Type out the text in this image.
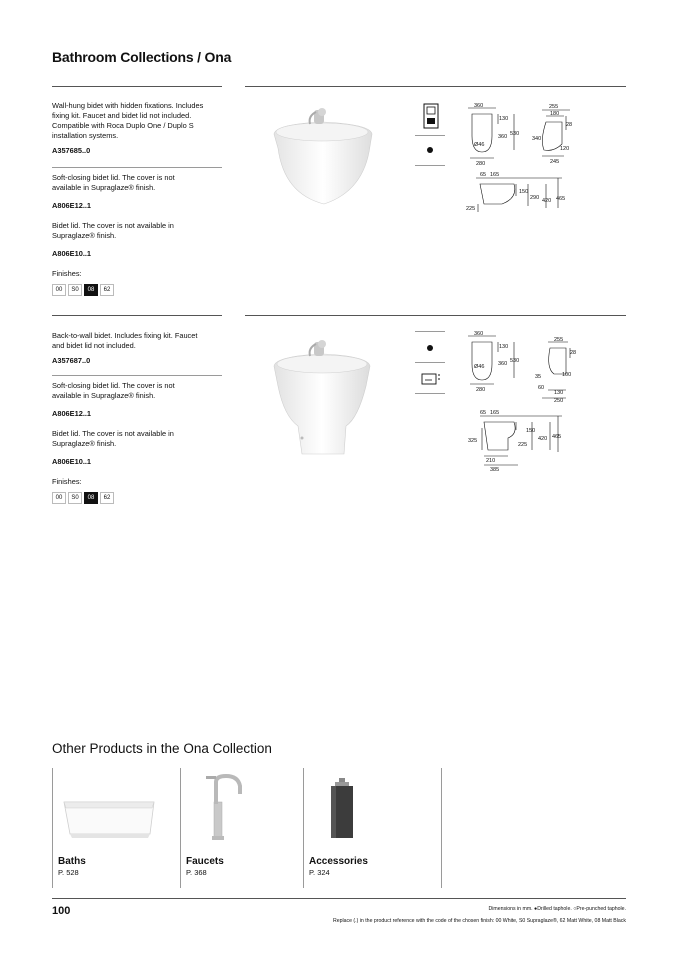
Bathroom Collections / Ona
Wall-hung bidet with hidden fixations. Includes
fixing kit. Faucet and bidet lid not included.
Compatible with Roca Duplo One / Duplo S
installation systems.
A357685..0
Soft-closing bidet lid. The cover is not
available in Supraglaze® finish.
A806E12..1
Bidet lid. The cover is not available in
Supraglaze® finish.
A806E10..1
Finishes:
00	S0	08	62
360
130
530
Ø46
360
280
255
180
28
340
120
245
65 165
150
290 420 465
225
Back-to-wall bidet. Includes fixing kit. Faucet
and bidet lid not included.
A357687..0
Soft-closing bidet lid. The cover is not
available in Supraglaze® finish.
A806E12..1
Bidet lid. The cover is not available in
Supraglaze® finish.
A806E10..1
Finishes:
00	S0	08	62
360
130
530
Ø46 360
280
255
28
35	100
60
130
250
65 165
150
325
225
420 465
210
385
Other Products in the Ona Collection
Baths
P. 528
Faucets
P. 368
Accessories
P. 324
100	Dimensions in mm. ●Drilled taphole. ○Pre-punched taphole.
Replace (.) in the product reference with the code of the chosen finish: 00 White, S0 Supraglaze®, 62 Matt White, 08 Matt Black
